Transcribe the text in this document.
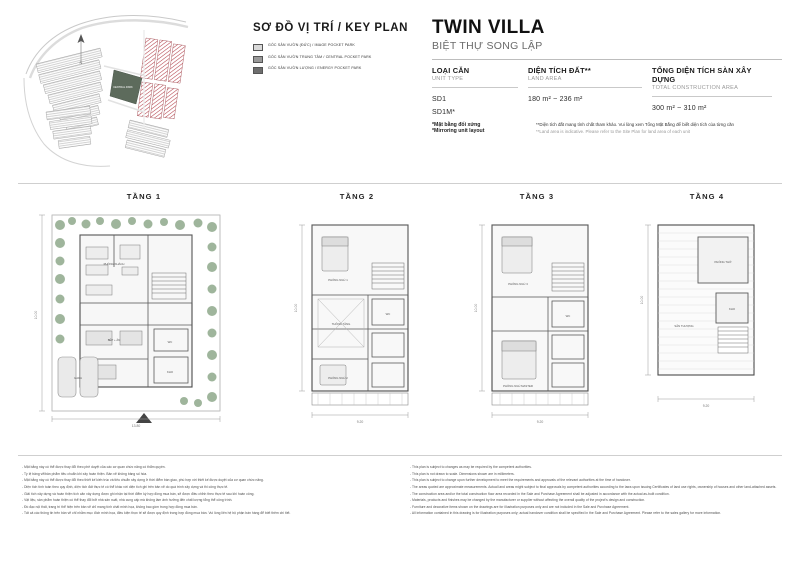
CENTRAL PARK
N
SƠ ĐỒ VỊ TRÍ / KEY PLAN
GÓC SÂN VƯỜN (ĐỨC) / IMAGE POCKET PARK
GÓC SÂN VƯỜN TRUNG TÂM / CENTRAL POCKET PARK
GÓC SÂN VƯỜN LƯỢNG / ENERGY POCKET PARK
TWIN VILLA
BIỆT THỰ SONG LẬP
LOẠI CĂN
UNIT TYPE
SD1
SD1M*
DIỆN TÍCH ĐẤT**
LAND AREA
180 m² ~ 236 m²
TỔNG DIỆN TÍCH SÀN XÂY DỰNG
TOTAL CONSTRUCTION AREA
300 m² ~ 310 m²
*Mặt bằng đối xứng
*Mirroring unit layout
**Diện tích đất mang tính chất tham khảo. Vui lòng xem Tổng Mặt Bằng để biết diện tích của từng căn
**Land area is indicative. Please refer to the Site Plan for land area of each unit
TẦNG 1
PHÒNG KHÁCH
BẾP + ĂN	WC
KHO
GARA
13.80
10.00
TẦNG 2
PHÒNG NGỦ 1
PHÒNG NGỦ 2
WC
THÔNG TẦNG
9.20
10.00
TẦNG 3
PHÒNG NGỦ 3
PHÒNG NGỦ MASTER
WC
9.20
10.00
TẦNG 4
PHÒNG THỜ
KHO
SÂN THƯỢNG
9.20
10.00

- Mặt bằng này có thể được thay đổi theo phê duyệt của các cơ quan chức năng có thẩm quyền.

- Tỷ lệ bảng vẽ/bản phẩm tiêu chuẩn khi xây hoàn thiện. Bản vẽ không bảng số hóa.

- Mặt bằng này có thể được thay đổi theo thiết kế kiến trúc và tiêu chuẩn xây dựng ở thời điểm bàn giao, phù hợp với thiết kế được duyệt của cơ quan chức năng.

- Diện tích tính toán theo quy định, diện tích đất thực tế có thể khác với diện tích ghi trên bản vẽ do quá trình xây dựng và thi công thực tế.

- Giải tích xây dựng và hoàn thiện tích căn xây dựng được ghi nhận tại thời điểm ký hợp đồng mua bán, sẽ được điều chỉnh theo thực tế sau khi hoàn công.

- Vật liệu, sản phẩm hoàn thiện có thể thay đổi bởi nhà sản xuất, nhà cung cấp mà không làm ảnh hưởng đến chất lượng tổng thể công trình.

- Đồ đạc nội thất, trang trí thể hiện trên bản vẽ chỉ mang tính chất minh họa, không bao gồm trong hợp đồng mua bán.

- Tất cả các thông tin trên bản vẽ chỉ nhằm mục đích minh họa, điều kiện thực tế sẽ được quy định trong hợp đồng mua bán. Vui lòng liên hệ bộ phận bán hàng để biết thêm chi tiết.

- This plan is subject to changes as may be required by the competent authorities.

- This plan is not drawn to scale. Dimensions shown are in millimeters.

- This plan is subject to change upon further development to meet the requirements and approvals of the relevant authorities at the time of handover.

- The areas quoted are approximate measurements. Actual land areas might subject to final approvals by competent authorities according to the laws upon issuing Certificates of land use rights, ownership of houses and other land-attached assets.

- The construction area and/or the total construction floor area recorded in the Sale and Purchase Agreement shall be adjusted in accordance with the actual as-built condition.

- Materials, products and finishes may be changed by the manufacturer or supplier without affecting the overall quality of the project's design and construction.

- Furniture and decorative items shown on the drawings are for illustration purposes only and are not included in the Sale and Purchase Agreement.

- All information contained in this drawing is for illustration purposes only; actual handover condition shall be specified in the Sale and Purchase Agreement. Please refer to the sales gallery for more information.
